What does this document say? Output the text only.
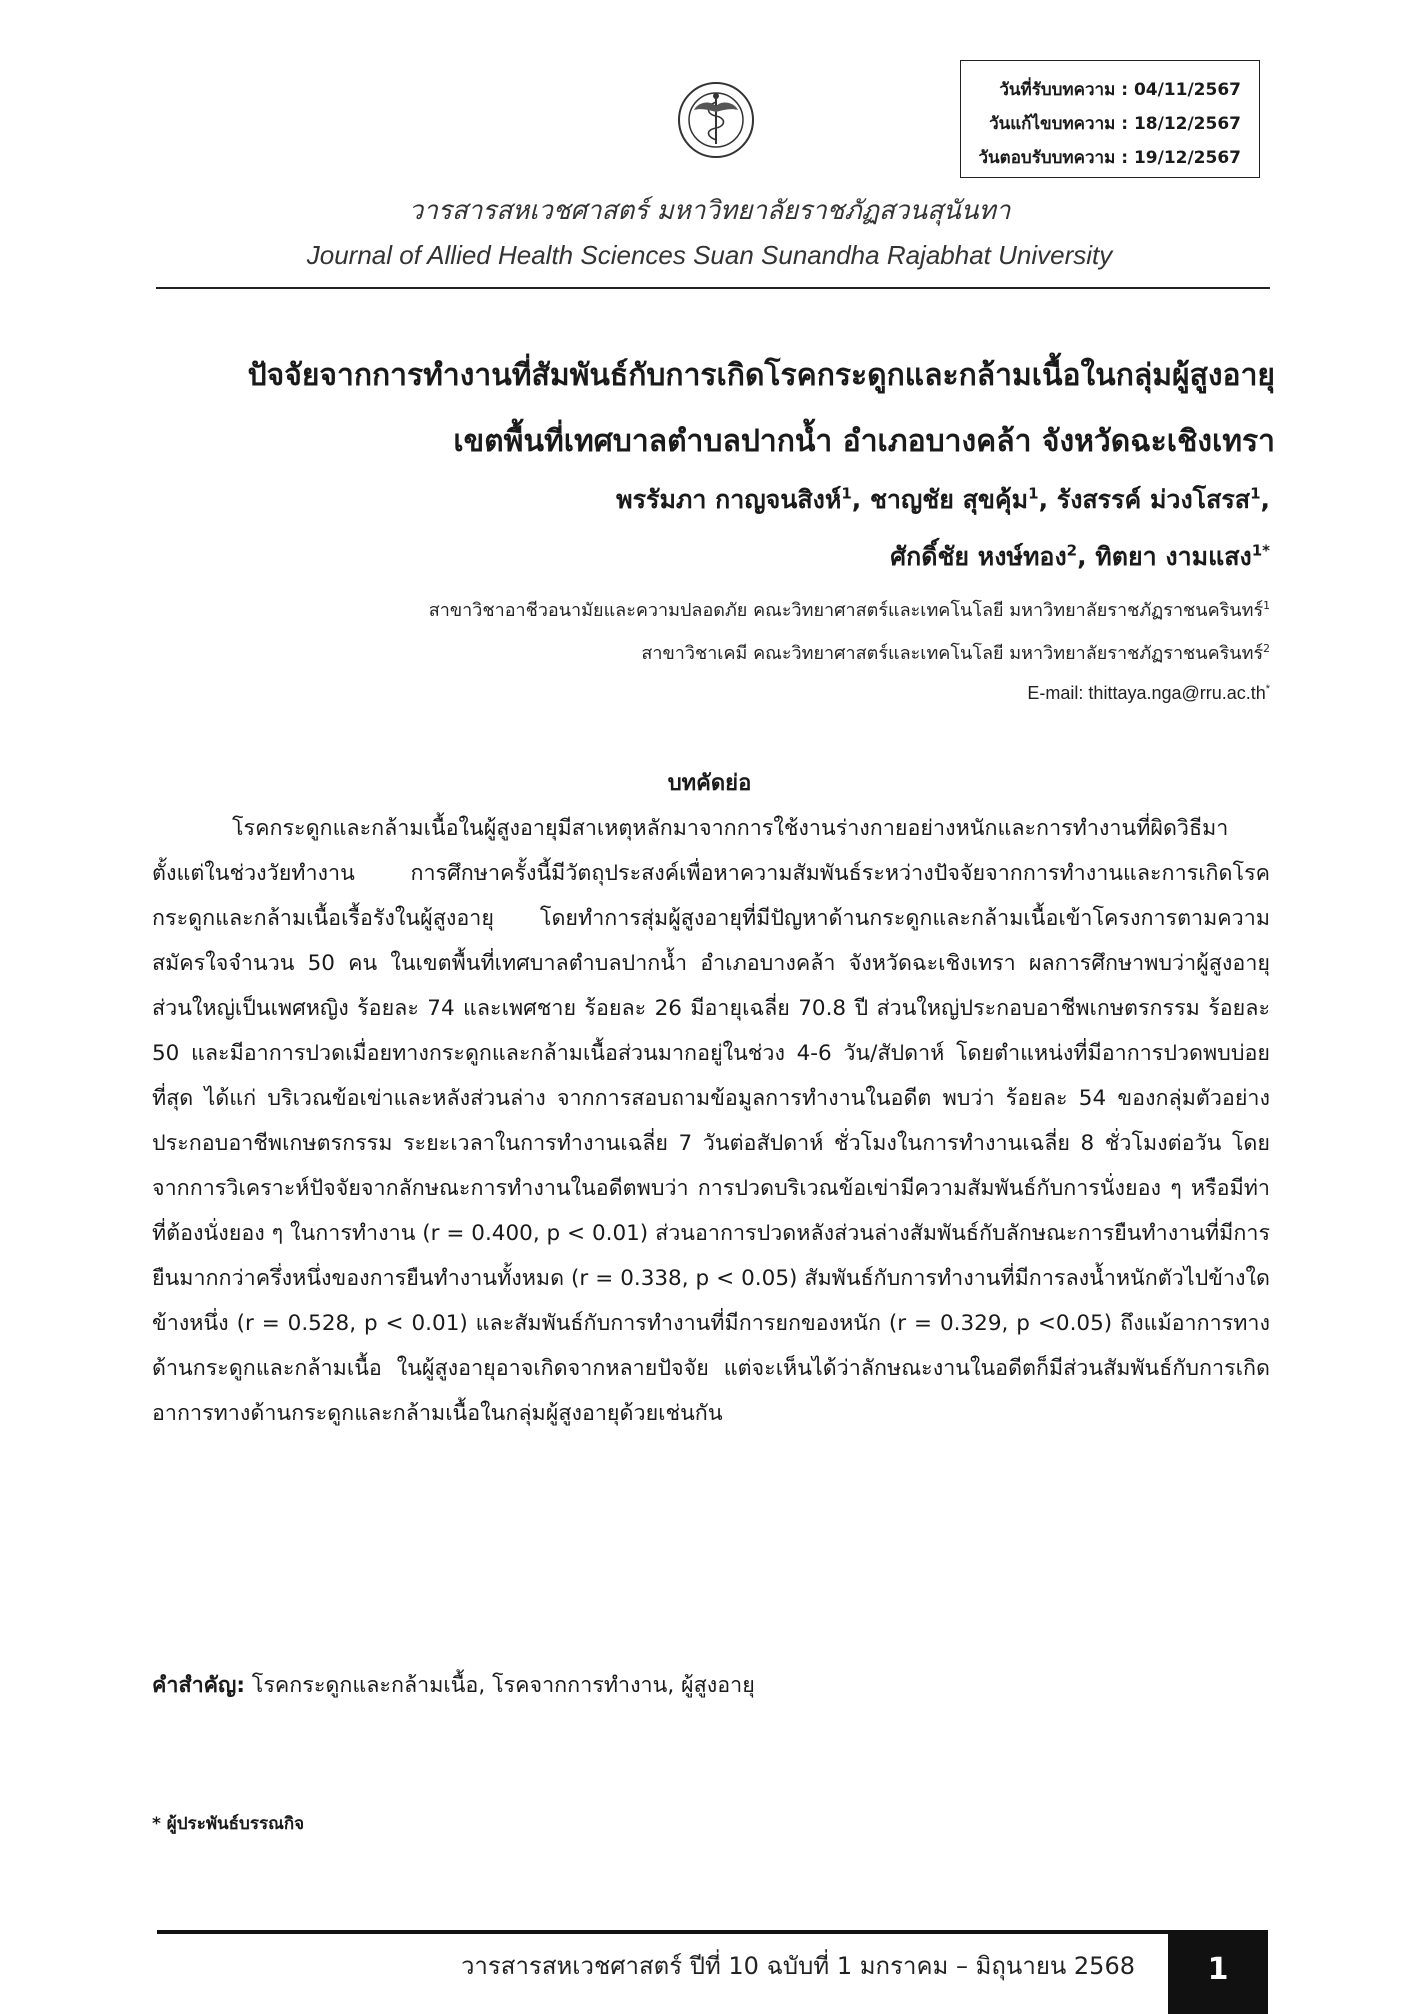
วันที่รับบทความ : 04/11/2567
วันแก้ไขบทความ : 18/12/2567
วันตอบรับบทความ : 19/12/2567
วารสารสหเวชศาสตร์ มหาวิทยาลัยราชภัฏสวนสุนันทา
Journal of Allied Health Sciences Suan Sunandha Rajabhat University
ปัจจัยจากการทำงานที่สัมพันธ์กับการเกิดโรคกระดูกและกล้ามเนื้อในกลุ่มผู้สูงอายุ
เขตพื้นที่เทศบาลตำบลปากน้ำ อำเภอบางคล้า จังหวัดฉะเชิงเทรา
พรรัมภา กาญจนสิงห์$^1$, ชาญชัย สุขคุ้ม$^1$, รังสรรค์ ม่วงโสรส$^1$,
ศักดิ์ชัย หงษ์ทอง$^2$, ทิตยา งามแสง$^{1*}$
สาขาวิชาอาชีวอนามัยและความปลอดภัย คณะวิทยาศาสตร์และเทคโนโลยี มหาวิทยาลัยราชภัฏราชนครินทร์$^1$
สาขาวิชาเคมี คณะวิทยาศาสตร์และเทคโนโลยี มหาวิทยาลัยราชภัฏราชนครินทร์$^2$
E-mail: thittaya.nga@rru.ac.th*
บทคัดย่อ
โรคกระดูกและกล้ามเนื้อในผู้สูงอายุมีสาเหตุหลักมาจากการใช้งานร่างกายอย่างหนักและการทำงานที่ผิดวิธีมาตั้งแต่ในช่วงวัยทำงาน การศึกษาครั้งนี้มีวัตถุประสงค์เพื่อหาความสัมพันธ์ระหว่างปัจจัยจากการทำงานและการเกิดโรคกระดูกและกล้ามเนื้อเรื้อรังในผู้สูงอายุ โดยทำการสุ่มผู้สูงอายุที่มีปัญหาด้านกระดูกและกล้ามเนื้อเข้าโครงการตามความสมัครใจจำนวน 50 คน ในเขตพื้นที่เทศบาลตำบลปากน้ำ อำเภอบางคล้า จังหวัดฉะเชิงเทรา ผลการศึกษาพบว่าผู้สูงอายุส่วนใหญ่เป็นเพศหญิง ร้อยละ 74 และเพศชาย ร้อยละ 26 มีอายุเฉลี่ย 70.8 ปี ส่วนใหญ่ประกอบอาชีพเกษตรกรรม ร้อยละ 50 และมีอาการปวดเมื่อยทางกระดูกและกล้ามเนื้อส่วนมากอยู่ในช่วง 4-6 วัน/สัปดาห์ โดยตำแหน่งที่มีอาการปวดพบบ่อยที่สุด ได้แก่ บริเวณข้อเข่าและหลังส่วนล่าง จากการสอบถามข้อมูลการทำงานในอดีต พบว่า ร้อยละ 54 ของกลุ่มตัวอย่างประกอบอาชีพเกษตรกรรม ระยะเวลาในการทำงานเฉลี่ย 7 วันต่อสัปดาห์ ชั่วโมงในการทำงานเฉลี่ย 8 ชั่วโมงต่อวัน โดยจากการวิเคราะห์ปัจจัยจากลักษณะการทำงานในอดีตพบว่า การปวดบริเวณข้อเข่ามีความสัมพันธ์กับการนั่งยอง ๆ หรือมีท่าที่ต้องนั่งยอง ๆ ในการทำงาน (r = 0.400, p < 0.01) ส่วนอาการปวดหลังส่วนล่างสัมพันธ์กับลักษณะการยืนทำงานที่มีการยืนมากกว่าครึ่งหนึ่งของการยืนทำงานทั้งหมด (r = 0.338, p < 0.05) สัมพันธ์กับการทำงานที่มีการลงน้ำหนักตัวไปข้างใดข้างหนึ่ง (r = 0.528, p < 0.01) และสัมพันธ์กับการทำงานที่มีการยกของหนัก (r = 0.329, p <0.05) ถึงแม้อาการทางด้านกระดูกและกล้ามเนื้อ ในผู้สูงอายุอาจเกิดจากหลายปัจจัย แต่จะเห็นได้ว่าลักษณะงานในอดีตก็มีส่วนสัมพันธ์กับการเกิดอาการทางด้านกระดูกและกล้ามเนื้อในกลุ่มผู้สูงอายุด้วยเช่นกัน
คำสำคัญ: โรคกระดูกและกล้ามเนื้อ, โรคจากการทำงาน, ผู้สูงอายุ
* ผู้ประพันธ์บรรณกิจ
วารสารสหเวชศาสตร์ ปีที่ 10 ฉบับที่ 1 มกราคม – มิถุนายน 2568	1
